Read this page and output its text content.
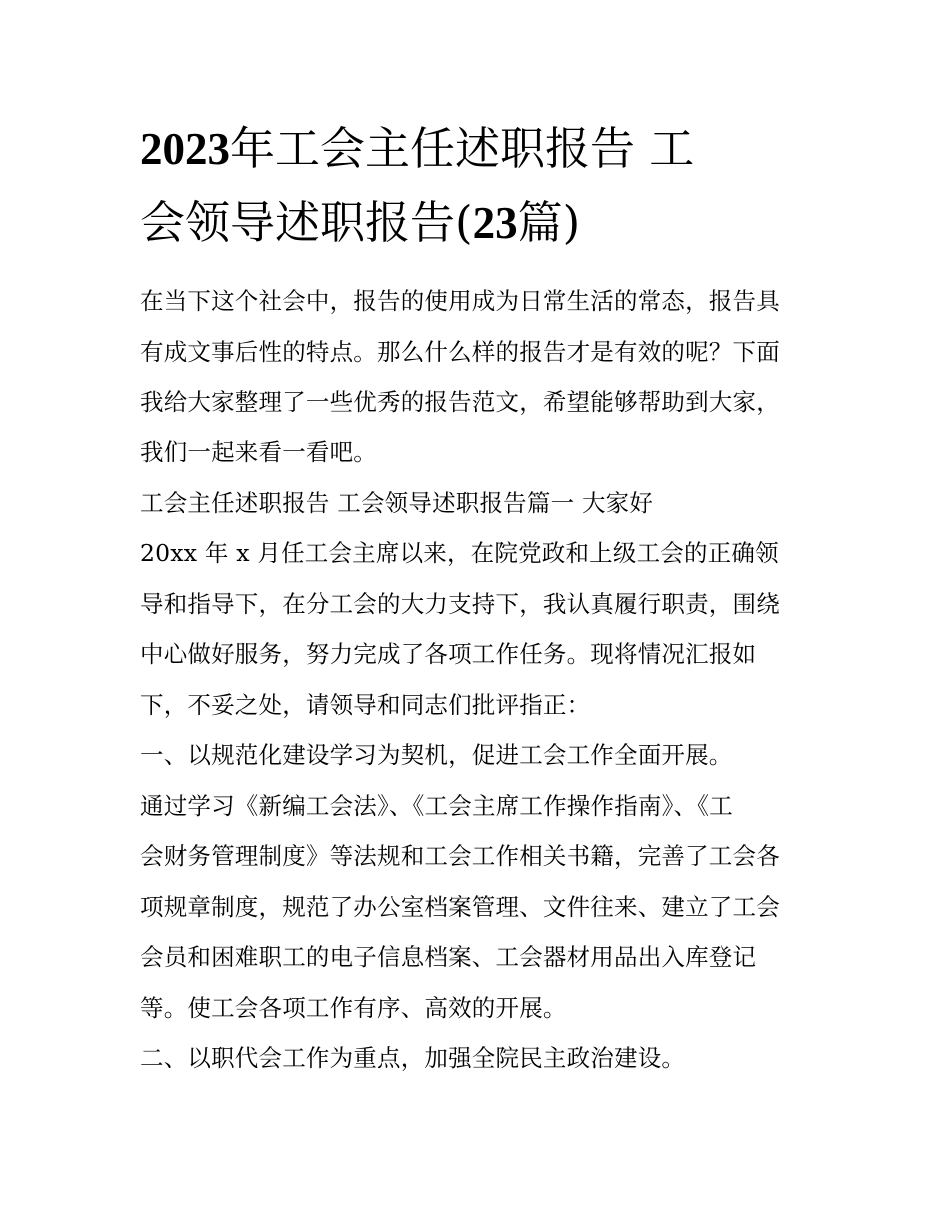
2023年工会主任述职报告 工
会领导述职报告(23篇)
在当下这个社会中，报告的使用成为日常生活的常态，报告具
有成文事后性的特点。那么什么样的报告才是有效的呢？下面
我给大家整理了一些优秀的报告范文，希望能够帮助到大家，
我们一起来看一看吧。
工会主任述职报告 工会领导述职报告篇一 大家好
20xx 年 x 月任工会主席以来，在院党政和上级工会的正确领
导和指导下，在分工会的大力支持下，我认真履行职责，围绕
中心做好服务，努力完成了各项工作任务。现将情况汇报如
下，不妥之处，请领导和同志们批评指正：
一、以规范化建设学习为契机，促进工会工作全面开展。
通过学习《新编工会法》、《工会主席工作操作指南》、《工
会财务管理制度》等法规和工会工作相关书籍，完善了工会各
项规章制度，规范了办公室档案管理、文件往来、建立了工会
会员和困难职工的电子信息档案、工会器材用品出入库登记
等。使工会各项工作有序、高效的开展。
二、以职代会工作为重点，加强全院民主政治建设。
